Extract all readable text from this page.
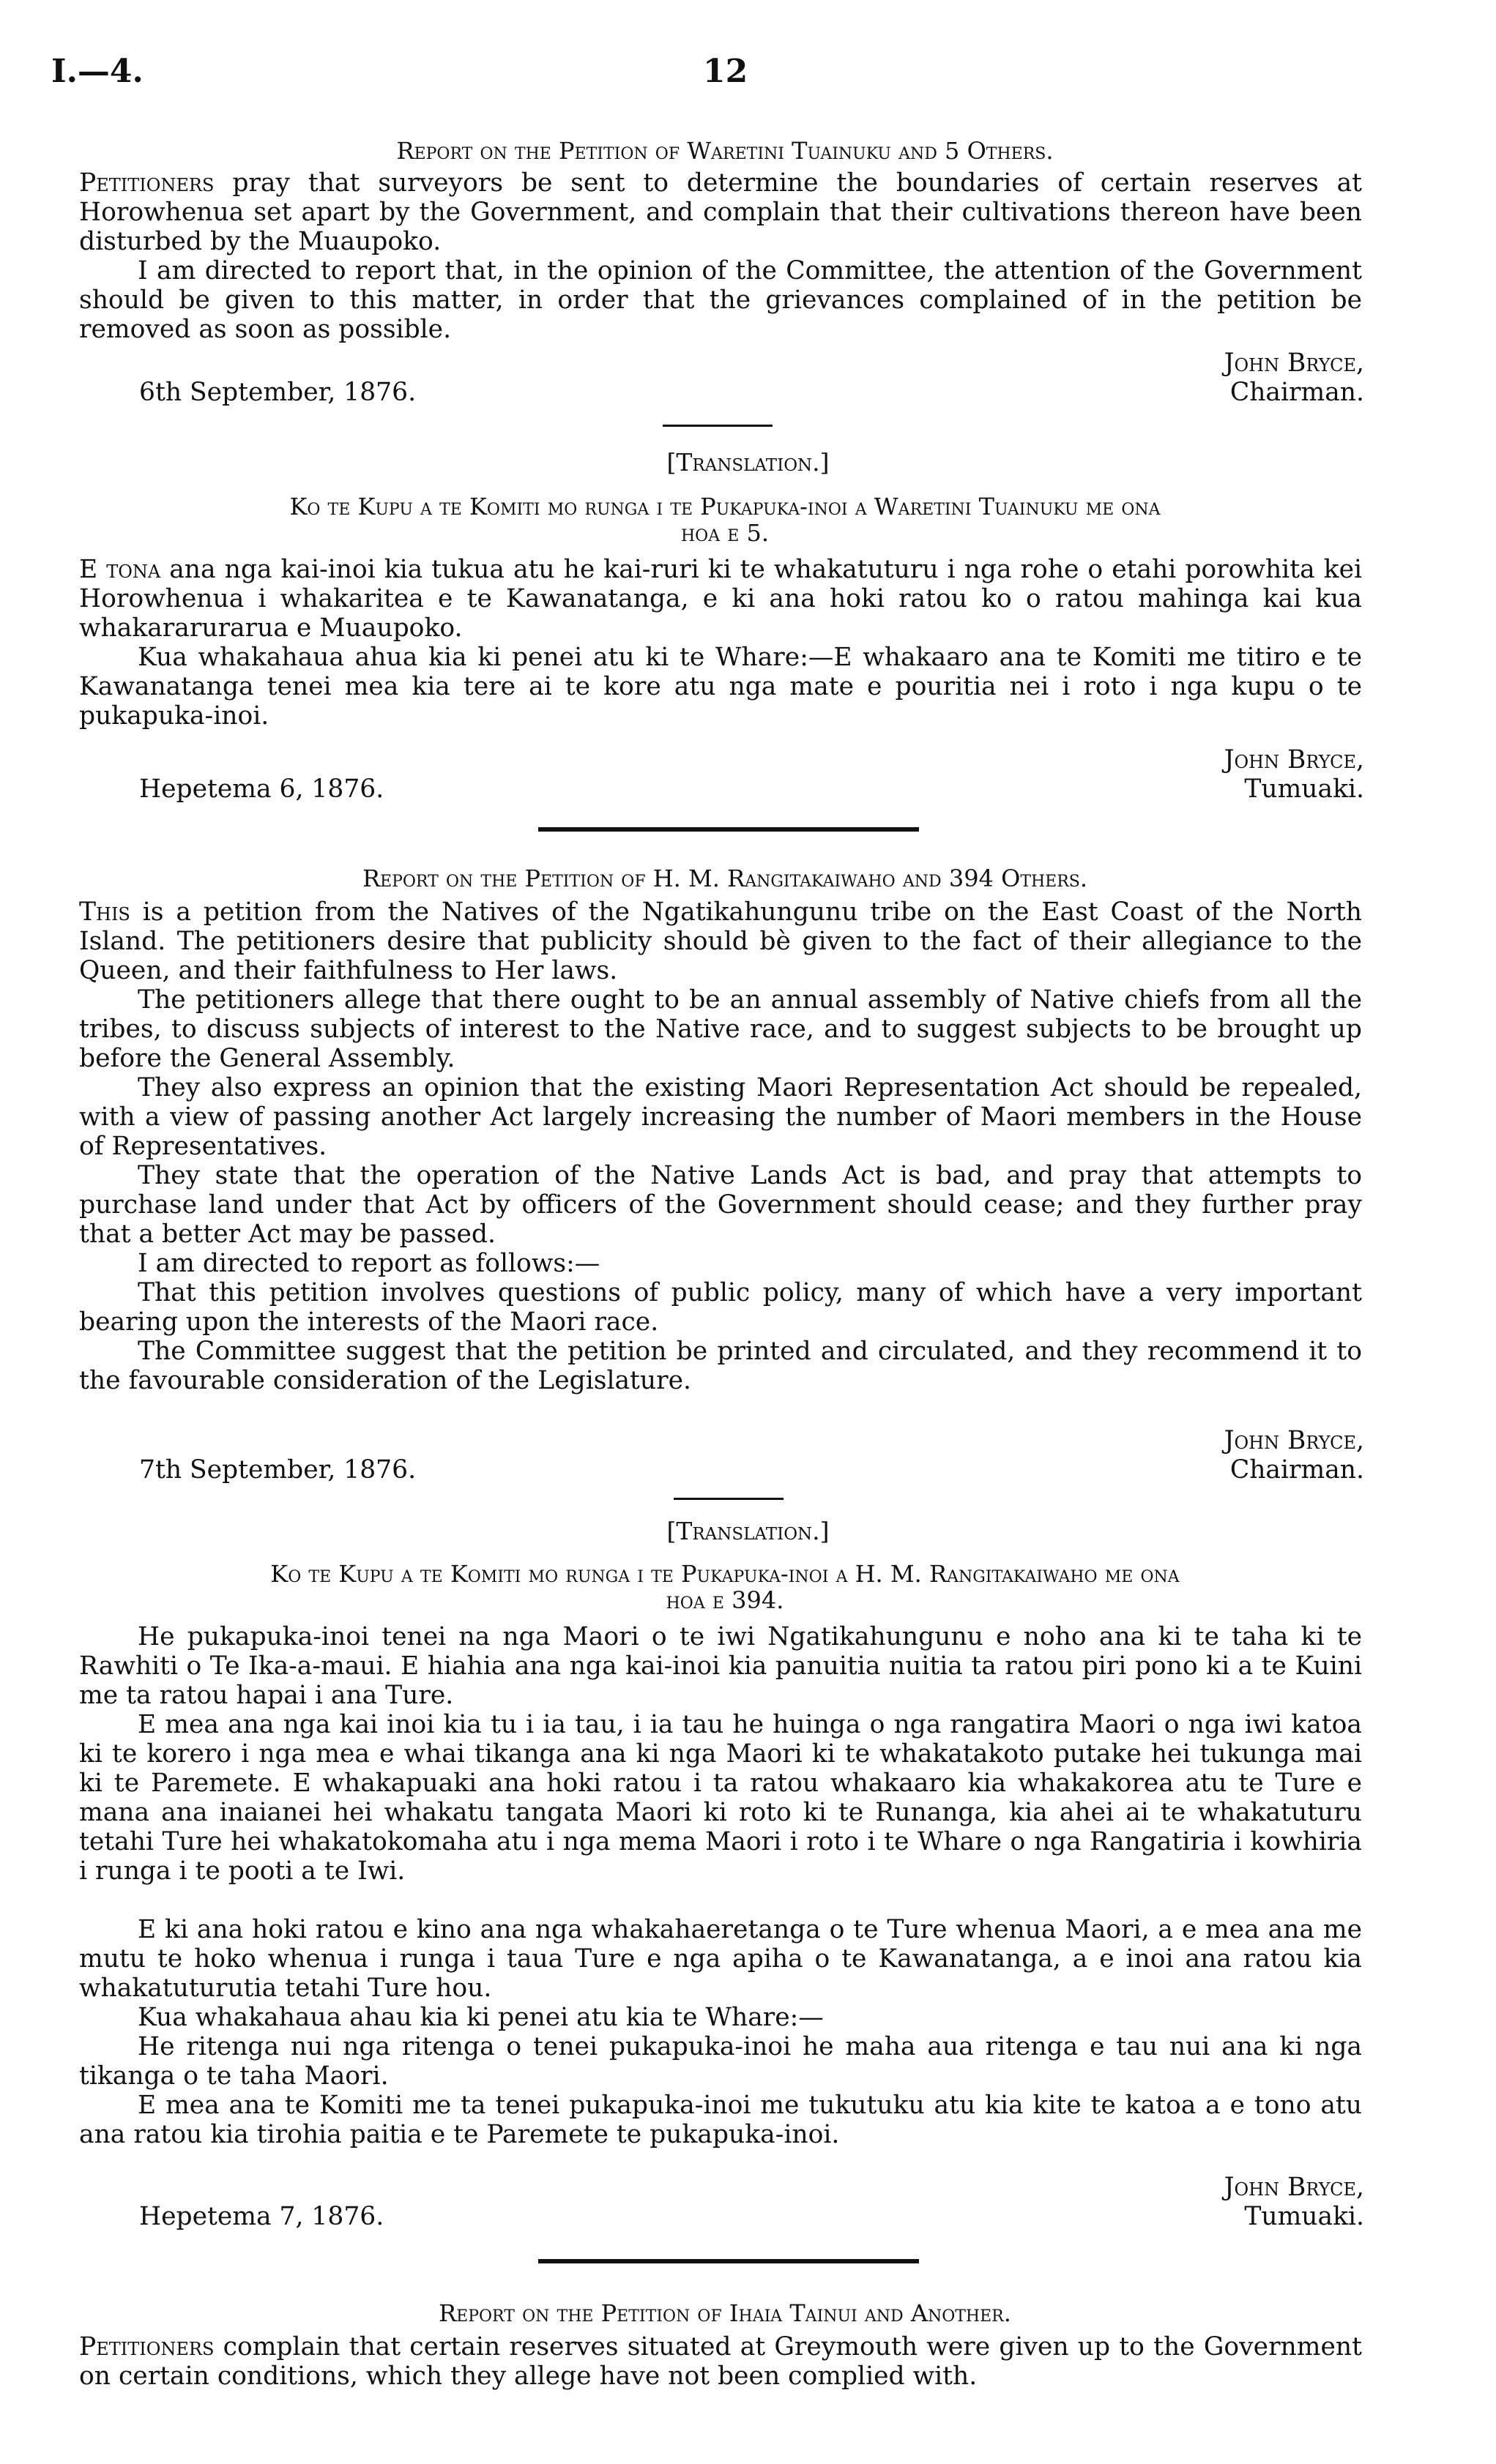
I.—4.	12
Report on the Petition of Waretini Tuainuku and 5 Others.
Petitioners pray that surveyors be sent to determine the boundaries of certain reserves at Horowhenua set apart by the Government, and complain that their cultivations thereon have been disturbed by the Muaupoko.
I am directed to report that, in the opinion of the Committee, the attention of the Government should be given to this matter, in order that the grievances complained of in the petition be removed as soon as possible.
John Bryce,
6th September, 1876.	Chairman.
[Translation.]
Ko te Kupu a te Komiti mo runga i te Pukapuka-inoi a Waretini Tuainuku me ona
hoa e 5.
E tona ana nga kai-inoi kia tukua atu he kai-ruri ki te whakatuturu i nga rohe o etahi porowhita kei Horowhenua i whakaritea e te Kawanatanga, e ki ana hoki ratou ko o ratou mahinga kai kua whakararurarua e Muaupoko.
Kua whakahaua ahua kia ki penei atu ki te Whare:—E whakaaro ana te Komiti me titiro e te Kawanatanga tenei mea kia tere ai te kore atu nga mate e pouritia nei i roto i nga kupu o te pukapuka-inoi.
John Bryce,
Hepetema 6, 1876.	Tumuaki.
Report on the Petition of H. M. Rangitakaiwaho and 394 Others.
This is a petition from the Natives of the Ngatikahungunu tribe on the East Coast of the North Island. The petitioners desire that publicity should bè given to the fact of their allegiance to the Queen, and their faithfulness to Her laws.
The petitioners allege that there ought to be an annual assembly of Native chiefs from all the tribes, to discuss subjects of interest to the Native race, and to suggest subjects to be brought up before the General Assembly.
They also express an opinion that the existing Maori Representation Act should be repealed, with a view of passing another Act largely increasing the number of Maori members in the House of Representatives.
They state that the operation of the Native Lands Act is bad, and pray that attempts to purchase land under that Act by officers of the Government should cease; and they further pray that a better Act may be passed.
I am directed to report as follows:—
That this petition involves questions of public policy, many of which have a very important bearing upon the interests of the Maori race.
The Committee suggest that the petition be printed and circulated, and they recommend it to the favourable consideration of the Legislature.
John Bryce,
7th September, 1876.	Chairman.
[Translation.]
Ko te Kupu a te Komiti mo runga i te Pukapuka-inoi a H. M. Rangitakaiwaho me ona
hoa e 394.
He pukapuka-inoi tenei na nga Maori o te iwi Ngatikahungunu e noho ana ki te taha ki te Rawhiti o Te Ika-a-maui. E hiahia ana nga kai-inoi kia panuitia nuitia ta ratou piri pono ki a te Kuini me ta ratou hapai i ana Ture.
E mea ana nga kai inoi kia tu i ia tau, i ia tau he huinga o nga rangatira Maori o nga iwi katoa ki te korero i nga mea e whai tikanga ana ki nga Maori ki te whakatakoto putake hei tukunga mai ki te Paremete. E whakapuaki ana hoki ratou i ta ratou whakaaro kia whakakorea atu te Ture e mana ana inaianei hei whakatu tangata Maori ki roto ki te Runanga, kia ahei ai te whakatuturu tetahi Ture hei whakatokomaha atu i nga mema Maori i roto i te Whare o nga Rangatiria i kowhiria i runga i te pooti a te Iwi.
E ki ana hoki ratou e kino ana nga whakahaeretanga o te Ture whenua Maori, a e mea ana me mutu te hoko whenua i runga i taua Ture e nga apiha o te Kawanatanga, a e inoi ana ratou kia whakatuturutia tetahi Ture hou.
Kua whakahaua ahau kia ki penei atu kia te Whare:—
He ritenga nui nga ritenga o tenei pukapuka-inoi he maha aua ritenga e tau nui ana ki nga tikanga o te taha Maori.
E mea ana te Komiti me ta tenei pukapuka-inoi me tukutuku atu kia kite te katoa a e tono atu ana ratou kia tirohia paitia e te Paremete te pukapuka-inoi.
John Bryce,
Hepetema 7, 1876.	Tumuaki.
Report on the Petition of Ihaia Tainui and Another.
Petitioners complain that certain reserves situated at Greymouth were given up to the Government on certain conditions, which they allege have not been complied with.
